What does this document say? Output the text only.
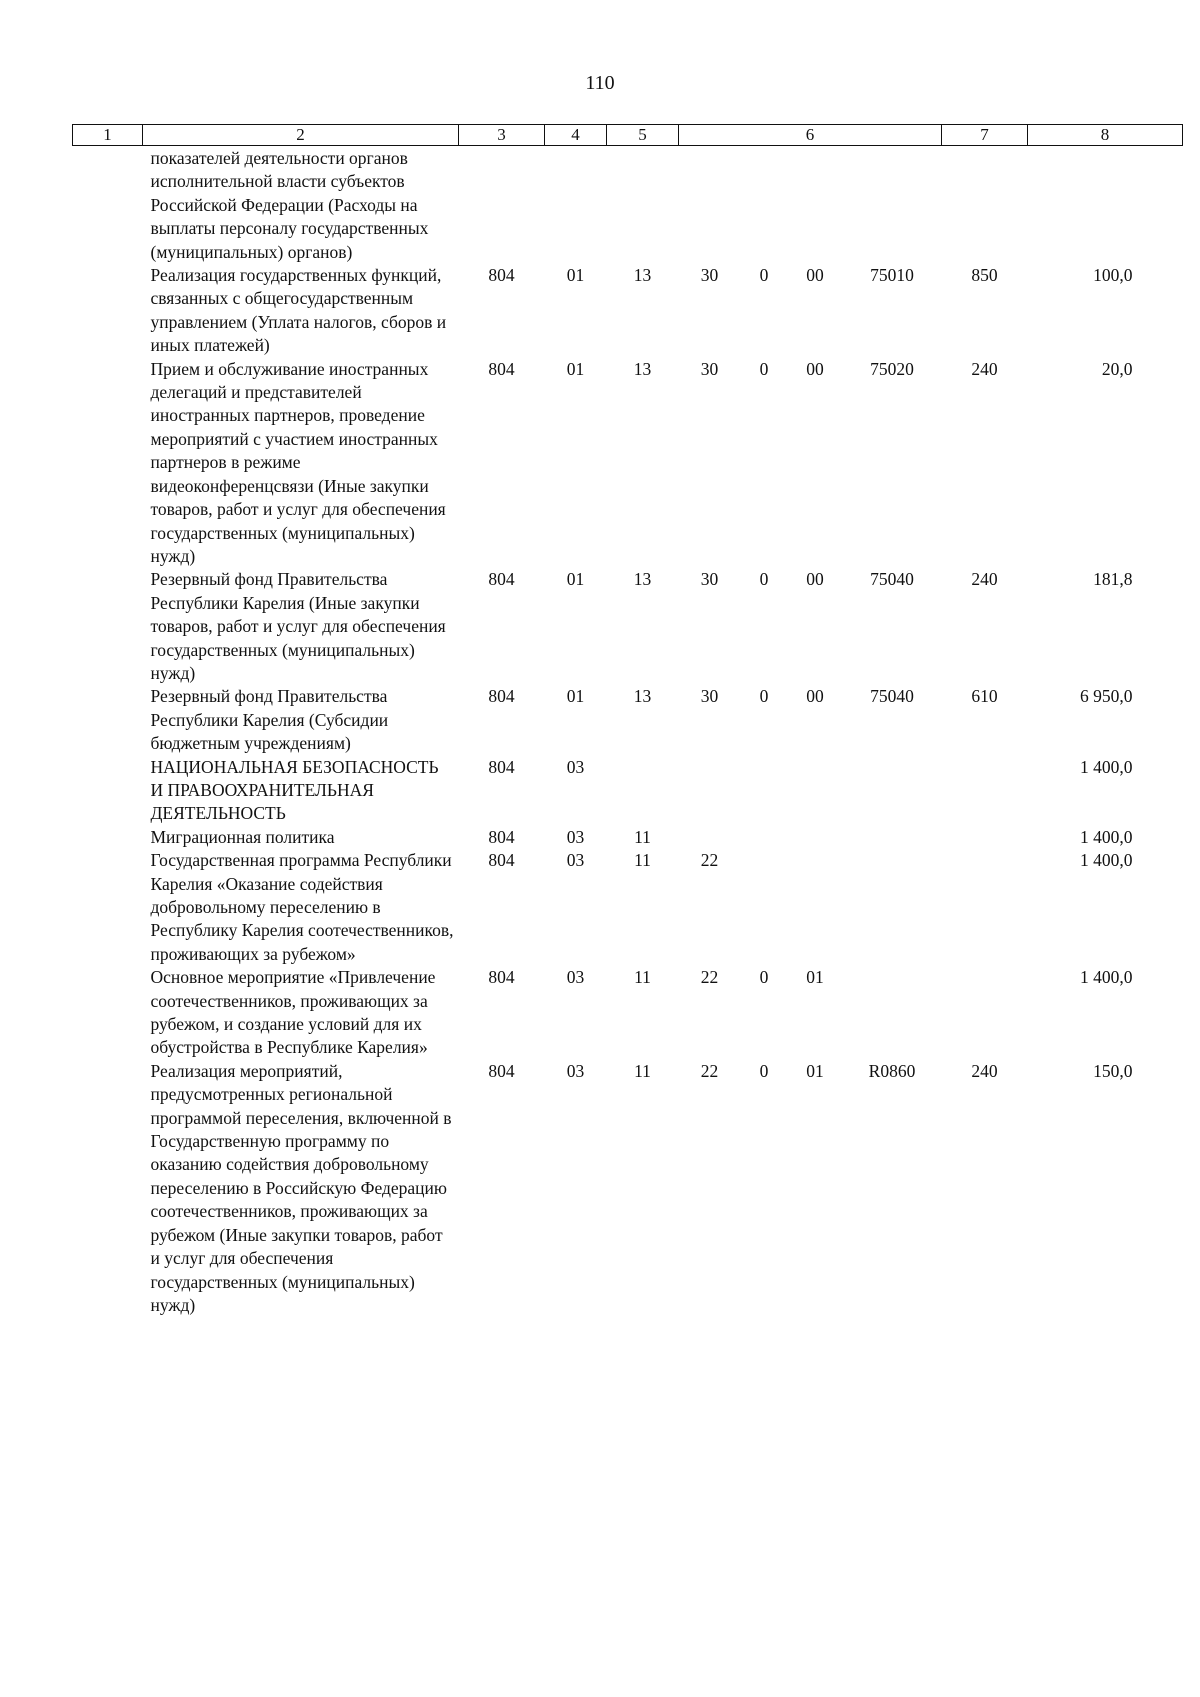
110
1	2	3	4	5	6				7	8
	показателей деятельности органов исполнительной власти субъектов Российской Федерации (Расходы на выплаты персоналу государственных (муниципальных) органов)									
	Реализация государственных функций, связанных с общегосударственным управлением (Уплата налогов, сборов и иных платежей)	804	01	13	30	0	00	75010	850	100,0
	Прием и обслуживание иностранных делегаций и представителей иностранных партнеров, проведение мероприятий с участием иностранных партнеров в режиме видеоконференцсвязи (Иные закупки товаров, работ и услуг для обеспечения государственных (муниципальных) нужд)	804	01	13	30	0	00	75020	240	20,0
	Резервный фонд Правительства Республики Карелия (Иные закупки товаров, работ и услуг для обеспечения государственных (муниципальных) нужд)	804	01	13	30	0	00	75040	240	181,8
	Резервный фонд Правительства Республики Карелия (Субсидии бюджетным учреждениям)	804	01	13	30	0	00	75040	610	6 950,0
	НАЦИОНАЛЬНАЯ БЕЗОПАСНОСТЬ И ПРАВООХРАНИТЕЛЬНАЯ ДЕЯТЕЛЬНОСТЬ	804	03							1 400,0
	Миграционная политика	804	03	11						1 400,0
	Государственная программа Республики Карелия «Оказание содействия добровольному переселению в Республику Карелия соотечественников, проживающих за рубежом»	804	03	11	22					1 400,0
	Основное мероприятие «Привлечение соотечественников, проживающих за рубежом, и создание условий для их обустройства в Республике Карелия»	804	03	11	22	0	01			1 400,0
	Реализация мероприятий, предусмотренных региональной программой переселения, включенной в Государственную программу по оказанию содействия добровольному переселению в Российскую Федерацию соотечественников, проживающих за рубежом (Иные закупки товаров, работ и услуг для обеспечения государственных (муниципальных) нужд)	804	03	11	22	0	01	R0860	240	150,0
